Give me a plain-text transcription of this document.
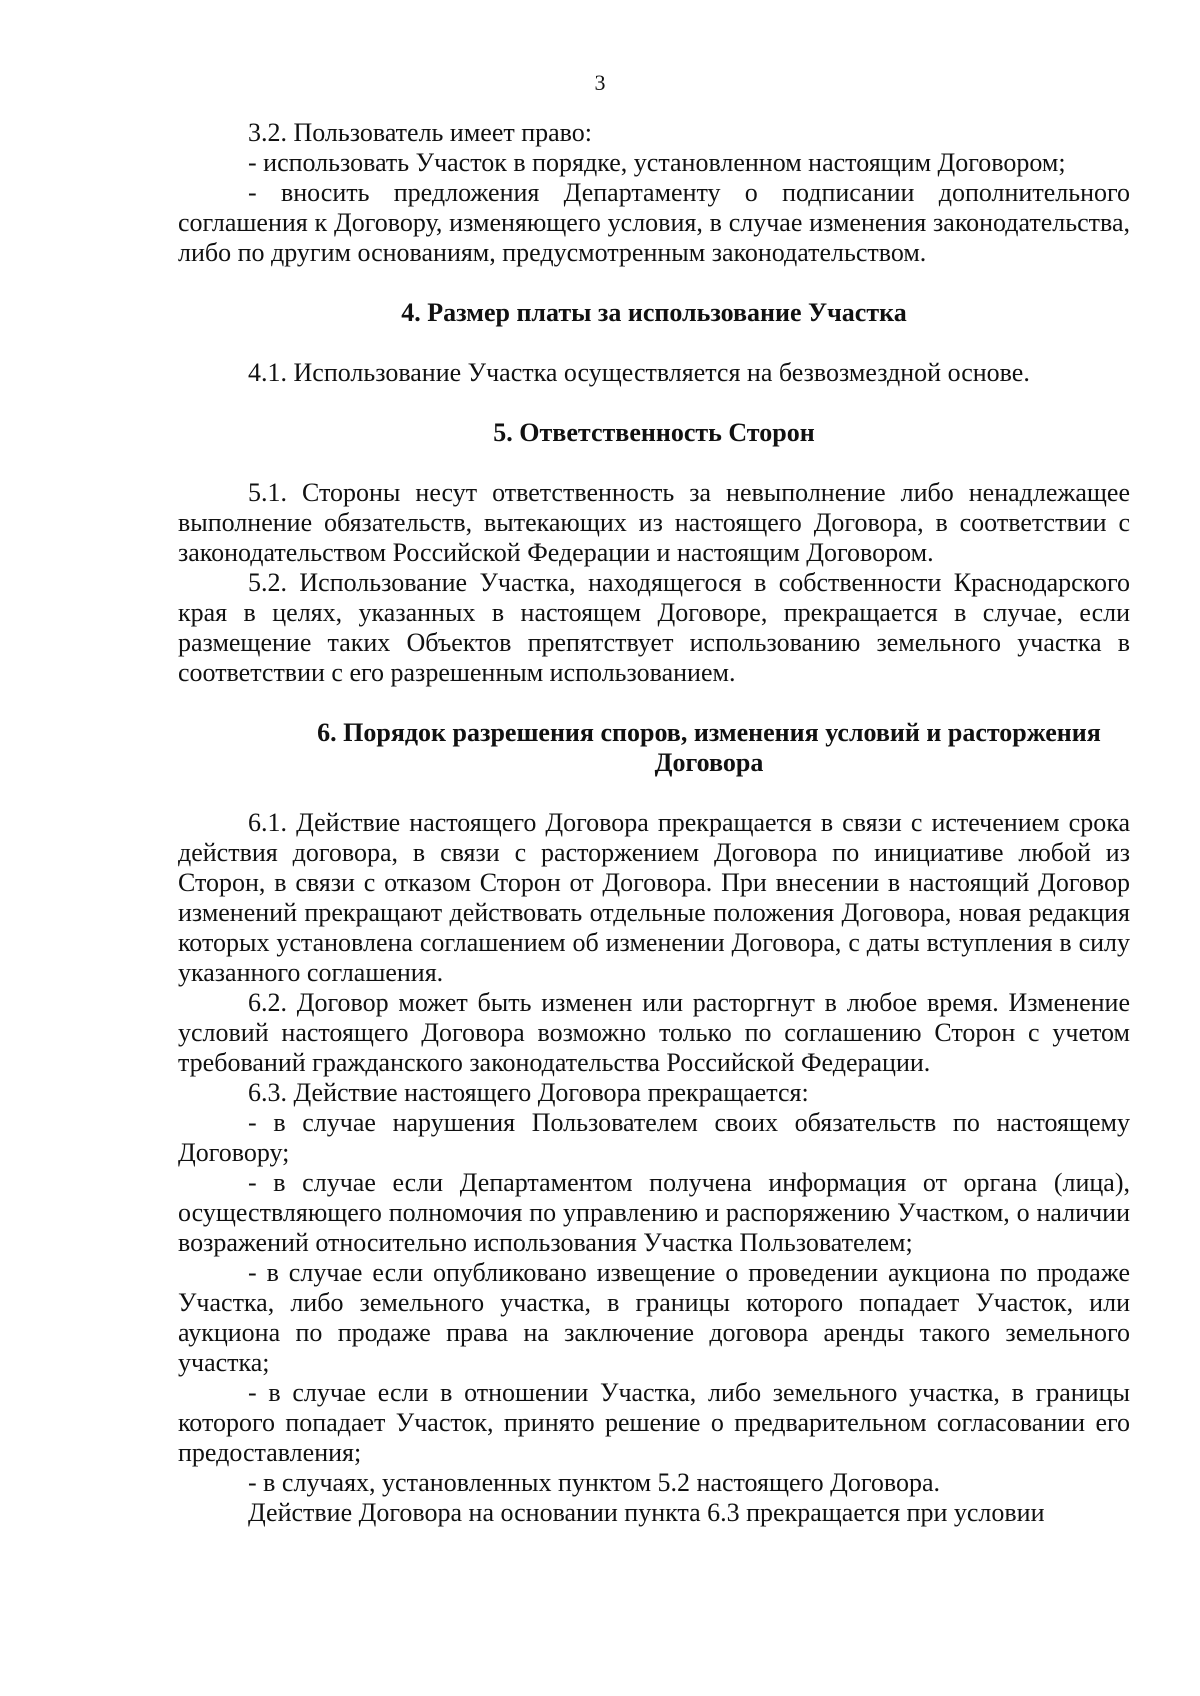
3

3.2. Пользователь имеет право:

- использовать Участок в порядке, установленном настоящим Договором;

- вносить предложения Департаменту о подписании дополнительного соглашения к Договору, изменяющего условия, в случае изменения законодательства, либо по другим основаниям, предусмотренным законодательством.

4. Размер платы за использование Участка

4.1. Использование Участка осуществляется на безвозмездной основе.

5. Ответственность Сторон

5.1. Стороны несут ответственность за невыполнение либо ненадлежащее выполнение обязательств, вытекающих из настоящего Договора, в соответствии с законодательством Российской Федерации и настоящим Договором.

5.2. Использование Участка, находящегося в собственности Краснодарского края в целях, указанных в настоящем Договоре, прекращается в случае, если размещение таких Объектов препятствует использованию земельного участка в соответствии с его разрешенным использованием.

6. Порядок разрешения споров, изменения условий и расторжения
Договора

6.1. Действие настоящего Договора прекращается в связи с истечением срока действия договора, в связи с расторжением Договора по инициативе любой из Сторон, в связи с отказом Сторон от Договора. При внесении в настоящий Договор изменений прекращают действовать отдельные положения Договора, новая редакция которых установлена соглашением об изменении Договора, с даты вступления в силу указанного соглашения.

6.2. Договор может быть изменен или расторгнут в любое время. Изменение условий настоящего Договора возможно только по соглашению Сторон с учетом требований гражданского законодательства Российской Федерации.

6.3. Действие настоящего Договора прекращается:

- в случае нарушения Пользователем своих обязательств по настоящему Договору;

- в случае если Департаментом получена информация от органа (лица), осуществляющего полномочия по управлению и распоряжению Участком, о наличии возражений относительно использования Участка Пользователем;

- в случае если опубликовано извещение о проведении аукциона по продаже Участка, либо земельного участка, в границы которого попадает Участок, или аукциона по продаже права на заключение договора аренды такого земельного участка;

- в случае если в отношении Участка, либо земельного участка, в границы которого попадает Участок, принято решение о предварительном согласовании его предоставления;

- в случаях, установленных пунктом 5.2 настоящего Договора.

Действие Договора на основании пункта 6.3 прекращается при условии
